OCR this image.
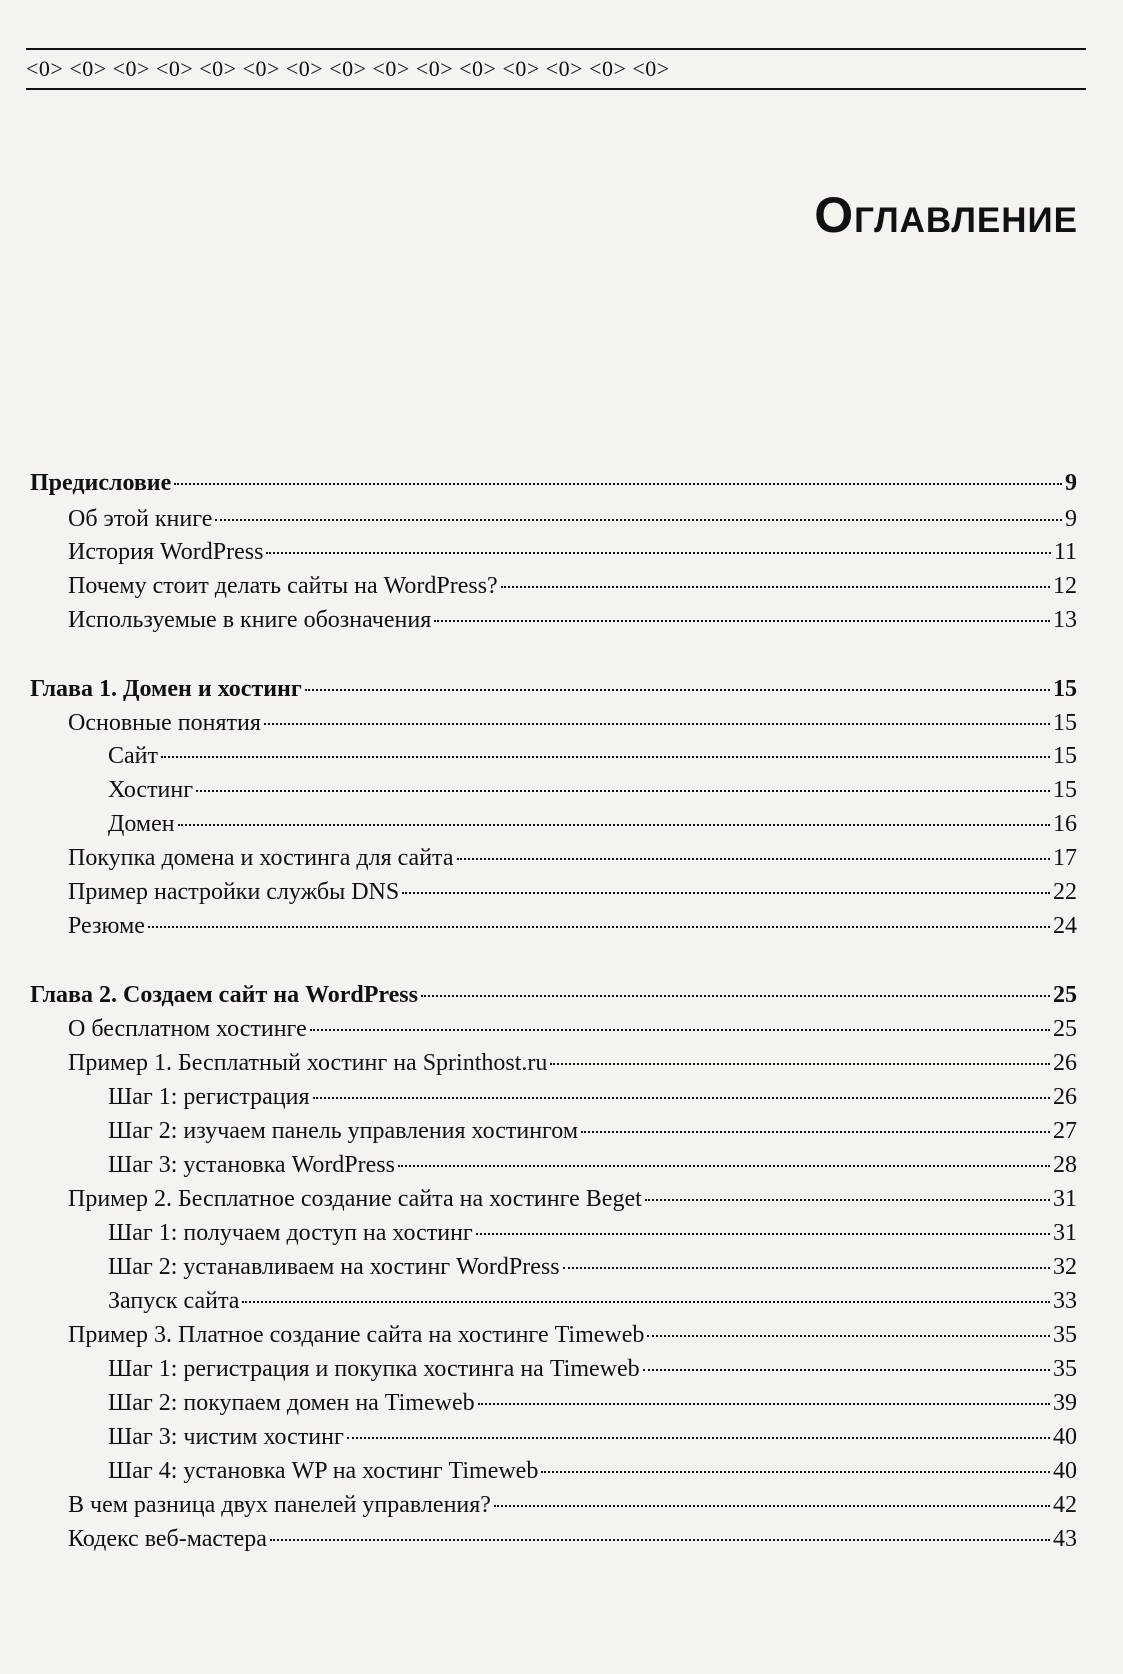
<0> <0> <0> <0> <0> <0> <0> <0> <0> <0> <0> <0> <0> <0> <0>
Оглавление
Предисловие	9
Об этой книге	9
История WordPress	11
Почему стоит делать сайты на WordPress?	12
Используемые в книге обозначения	13
Глава 1. Домен и хостинг	15
Основные понятия	15
Сайт	15
Хостинг	15
Домен	16
Покупка домена и хостинга для сайта	17
Пример настройки службы DNS	22
Резюме	24
Глава 2. Создаем сайт на WordPress	25
О бесплатном хостинге	25
Пример 1. Бесплатный хостинг на Sprinthost.ru	26
Шаг 1: регистрация	26
Шаг 2: изучаем панель управления хостингом	27
Шаг 3: установка WordPress	28
Пример 2. Бесплатное создание сайта на хостинге Beget	31
Шаг 1: получаем доступ на хостинг	31
Шаг 2: устанавливаем на хостинг WordPress	32
Запуск сайта	33
Пример 3. Платное создание сайта на хостинге Timeweb	35
Шаг 1: регистрация и покупка хостинга на Timeweb	35
Шаг 2: покупаем домен на Timeweb	39
Шаг 3: чистим хостинг	40
Шаг 4: установка WP на хостинг Timeweb	40
В чем разница двух панелей управления?	42
Кодекс веб-мастера	43
